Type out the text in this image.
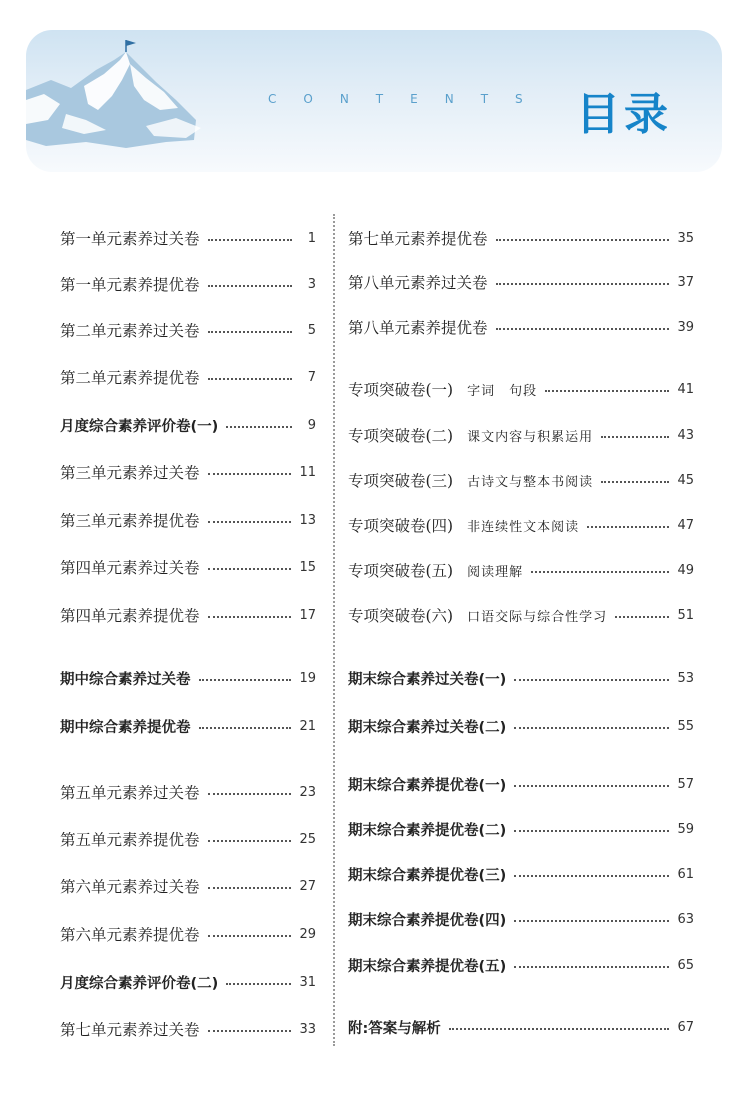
CONTENTS 目录
第一单元素养过关卷	1
第一单元素养提优卷	3
第二单元素养过关卷	5
第二单元素养提优卷	7
月度综合素养评价卷(一)	9
第三单元素养过关卷	11
第三单元素养提优卷	13
第四单元素养过关卷	15
第四单元素养提优卷	17
期中综合素养过关卷	19
期中综合素养提优卷	21
第五单元素养过关卷	23
第五单元素养提优卷	25
第六单元素养过关卷	27
第六单元素养提优卷	29
月度综合素养评价卷(二)	31
第七单元素养过关卷	33
第七单元素养提优卷	35
第八单元素养过关卷	37
第八单元素养提优卷	39
专项突破卷(一) 字词　句段	41
专项突破卷(二) 课文内容与积累运用	43
专项突破卷(三) 古诗文与整本书阅读	45
专项突破卷(四) 非连续性文本阅读	47
专项突破卷(五) 阅读理解	49
专项突破卷(六) 口语交际与综合性学习	51
期末综合素养过关卷(一)	53
期末综合素养过关卷(二)	55
期末综合素养提优卷(一)	57
期末综合素养提优卷(二)	59
期末综合素养提优卷(三)	61
期末综合素养提优卷(四)	63
期末综合素养提优卷(五)	65
附:答案与解析	67
